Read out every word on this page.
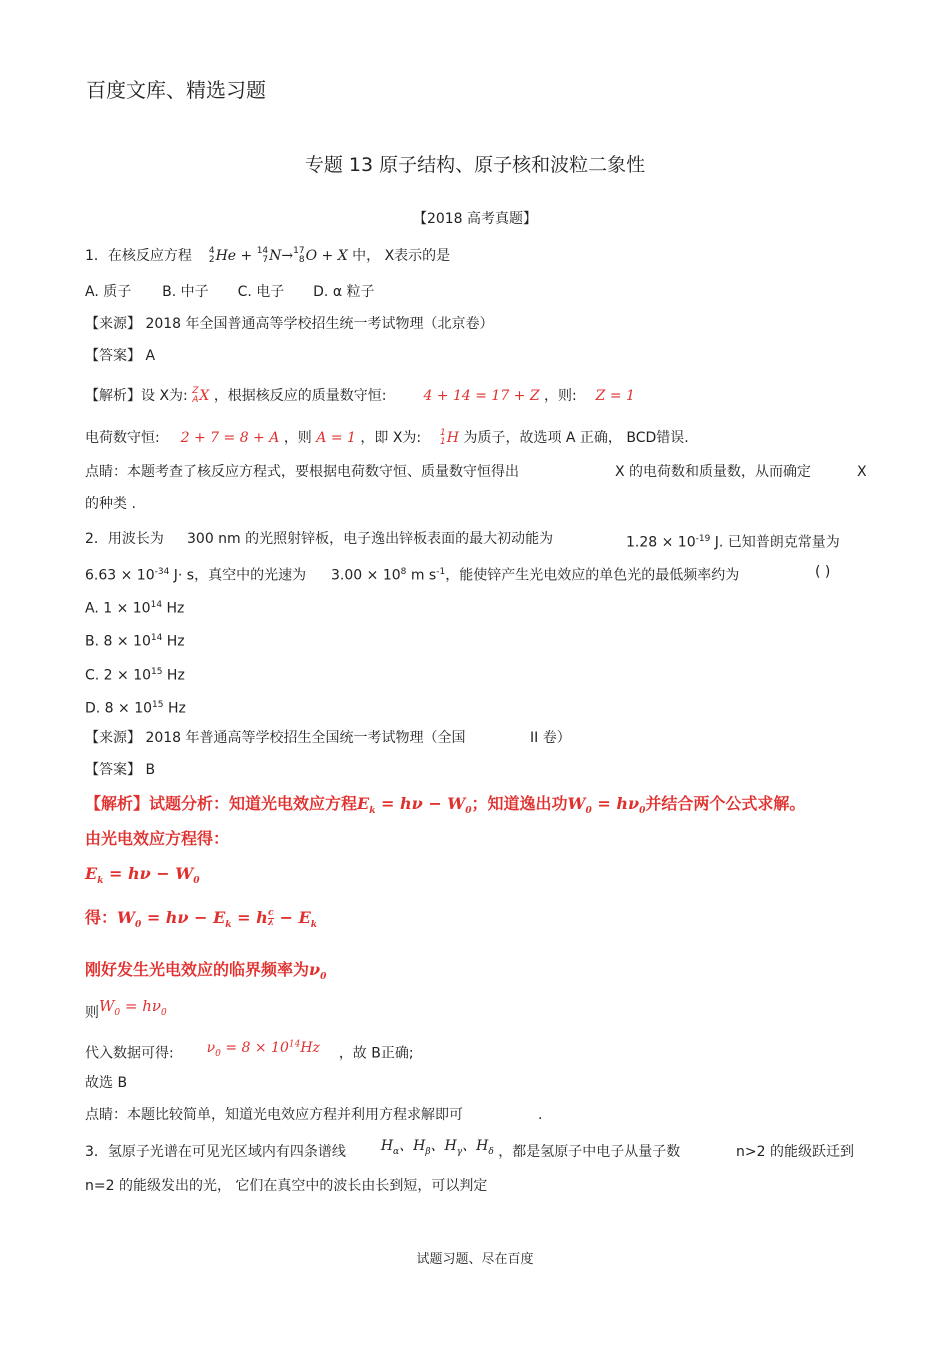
百度文库、精选习题
专题 13 原子结构、原子核和波粒二象性
【2018 高考真题】
1．在核反应方程 4
2 He + 14
7 N→ 17
8 O + X 中， X表示的是
A. 质子 B. 中子 C. 电子 D. α 粒子
【来源】 2018 年全国普通高等学校招生统一考试物理（北京卷）
【答案】 A
【解析】设 X为: Z
A X ，根据核反应的质量数守恒:	4 + 14 = 17 + Z ，则: Z = 1
电荷数守恒: 2 + 7 = 8 + A ，则 A = 1 ，即 X为: 1
1 H 为质子，故选项 A 正确， BCD错误.
点睛：本题考查了核反应方程式，要根据电荷数守恒、质量数守恒得出	X 的电荷数和质量数，从而确定	X
的种类 .
2．用波长为 300 nm 的光照射锌板，电子逸出锌板表面的最大初动能为	$1.28 \times 10^{-19}$ J. 已知普朗克常量为
$6.63 \times 10^{-34}$ J· s，真空中的光速为 $3.00 \times 10^8$ m $s^{-1}$，能使锌产生光电效应的单色光的最低频率约为	( )
A. $1 \times 10^{14}$ Hz
B. $8 \times 10^{14}$ Hz
C. $2 \times 10^{15}$ Hz
D. $8 \times 10^{15}$ Hz
【来源】 2018 年普通高等学校招生全国统一考试物理（全国	II 卷）
【答案】 B
【解析】试题分析：知道光电效应方程$E_k = h\nu - W_0$；知道逸出功$W_0 = h\nu_0$并结合两个公式求解。
由光电效应方程得：
$E_k = h\nu - W_0$
得：$W_0 = h\nu - E_k = h \frac{c}{\lambda} - E_k$
刚好发生光电效应的临界频率为$\nu_0$
则$W_0 = h\nu_0$
代入数据可得: $\nu_0 = 8 \times 10^{14}Hz$ ，故 B正确;
故选 B
点睛：本题比较简单，知道光电效应方程并利用方程求解即可	.
3．氢原子光谱在可见光区域内有四条谱线 $H_\alpha$、$H_\beta$、$H_\gamma$、$H_\delta$ ，都是氢原子中电子从量子数	n>2 的能级跃迁到
n=2 的能级发出的光， 它们在真空中的波长由长到短，可以判定
试题习题、尽在百度
